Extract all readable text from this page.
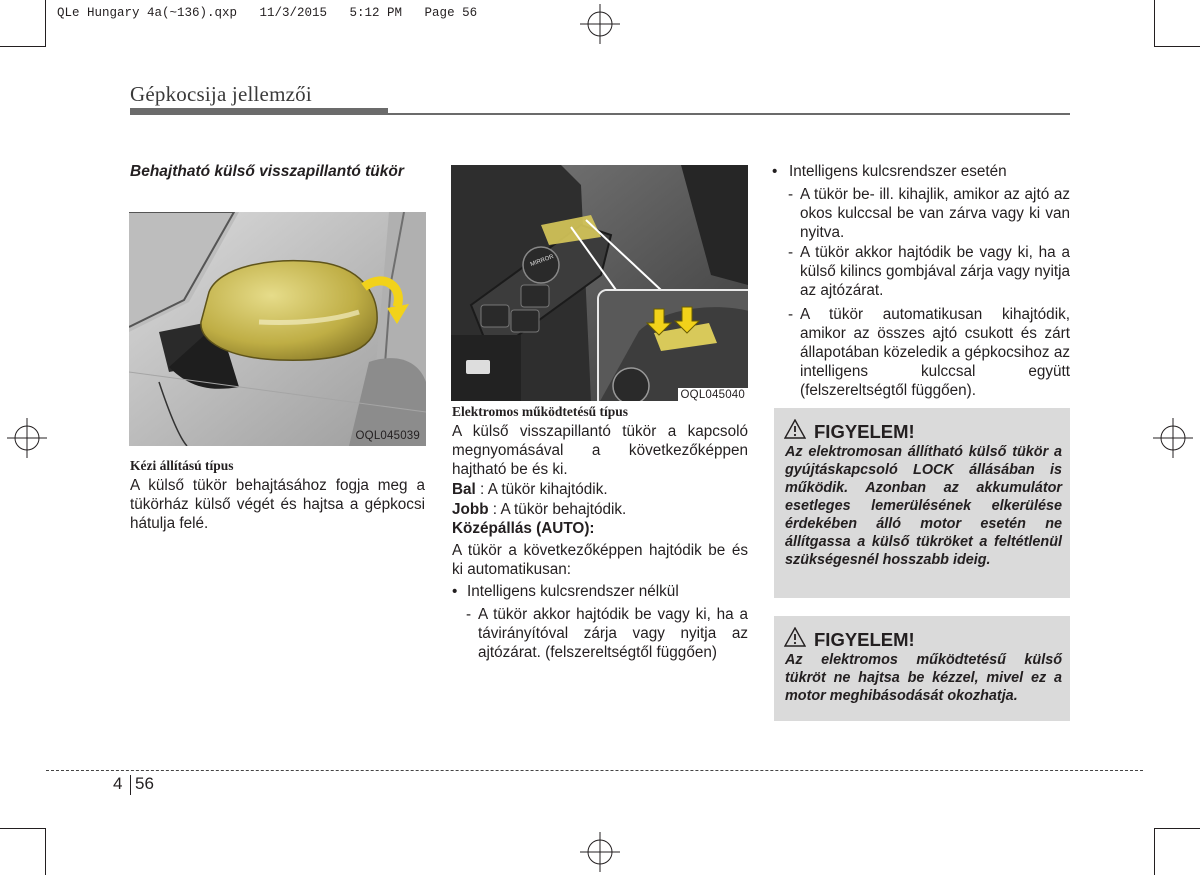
QLe Hungary 4a(~136).qxp   11/3/2015   5:12 PM   Page 56
Gépkocsija jellemzői
Behajtható külső visszapillantó tükör
OQL045039
Kézi állítású típus
A külső tükör behajtásához fogja meg a tükörház külső végét és hajtsa a gépkocsi hátulja felé.
MIRROR
OQL045040
Elektromos működtetésű típus
A külső visszapillantó tükör a kapcsoló megnyomásával a következőképpen hajtható be és ki.
Bal : A tükör kihajtódik.
Jobb : A tükör behajtódik.
Középállás (AUTO):
A tükör a következőképpen hajtódik be és ki automatikusan:
• Intelligens kulcsrendszer nélkül
- A tükör akkor hajtódik be vagy ki, ha a távirányítóval zárja vagy nyitja az ajtózárat. (felszereltségtől függően)
• Intelligens kulcsrendszer esetén
- A tükör be- ill. kihajlik, amikor az ajtó az okos kulccsal be van zárva vagy ki van nyitva.
- A tükör akkor hajtódik be vagy ki, ha a külső kilincs gombjával zárja vagy nyitja az ajtózárat.
- A tükör automatikusan kihajtódik, amikor az összes ajtó csukott és zárt állapotában közeledik a gépkocsihoz az intelligens kulccsal együtt (felszereltségtől függően).
FIGYELEM!
Az elektromosan állítható külső tükör a gyújtáskapcsoló LOCK állásában is működik. Azonban az akkumulátor esetleges lemerülésének elkerülése érdekében álló motor esetén ne állítgassa a külső tükröket a feltétlenül szükségesnél hosszabb ideig.
FIGYELEM!
Az elektromos működtetésű külső tükröt ne hajtsa be kézzel, mivel ez a motor meghibásodását okozhatja.
4 56
